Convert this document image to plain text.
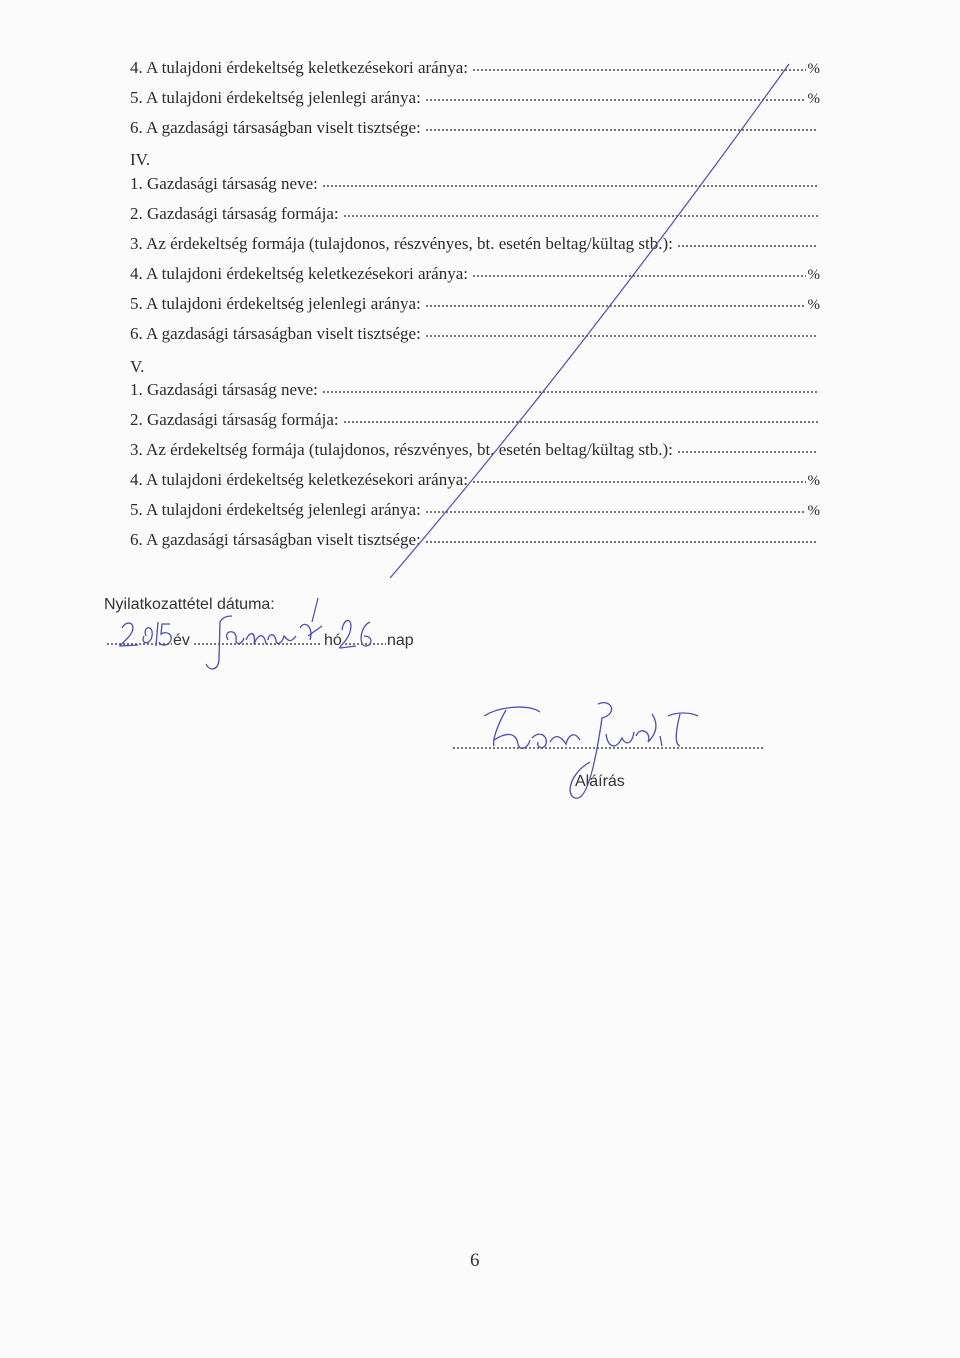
4. A tulajdoni érdekeltség keletkezésekori aránya:	%
5. A tulajdoni érdekeltség jelenlegi aránya:	%
6. A gazdasági társaságban viselt tisztsége:
IV.
1. Gazdasági társaság neve:
2. Gazdasági társaság formája:
3. Az érdekeltség formája (tulajdonos, részvényes, bt. esetén beltag/kültag stb.):
4. A tulajdoni érdekeltség keletkezésekori aránya:	%
5. A tulajdoni érdekeltség jelenlegi aránya:	%
6. A gazdasági társaságban viselt tisztsége:
V.
1. Gazdasági társaság neve:
2. Gazdasági társaság formája:
3. Az érdekeltség formája (tulajdonos, részvényes, bt. esetén beltag/kültag stb.):
4. A tulajdoni érdekeltség keletkezésekori aránya:	%
5. A tulajdoni érdekeltség jelenlegi aránya:	%
6. A gazdasági társaságban viselt tisztsége:
Nyilatkozattétel dátuma:
év	hó	nap
Aláírás
6
